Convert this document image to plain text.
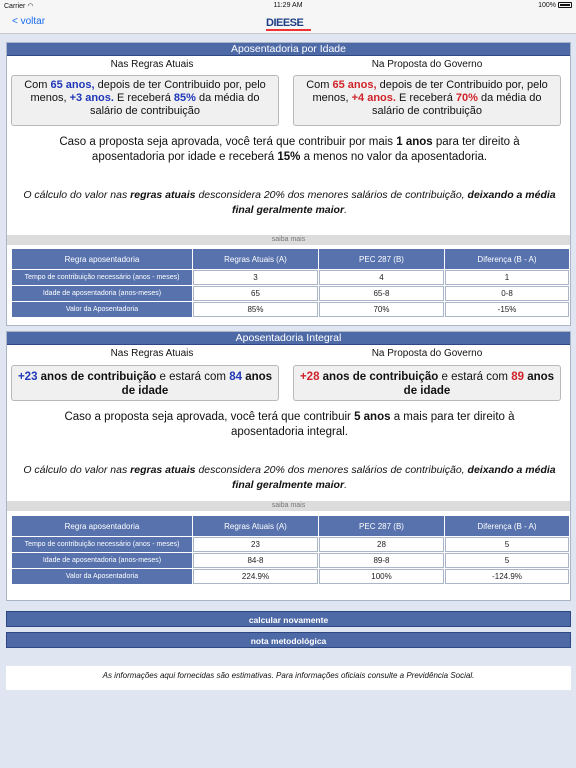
Carrier ◠	11:29 AM	100%
< voltar	DIEESE
Aposentadoria por Idade
Nas Regras Atuais	Na Proposta do Governo
Com 65 anos, depois de ter Contribuido por, pelo menos, +3 anos. E receberá 85% da média do salário de contribuição
Com 65 anos, depois de ter Contribuido por, pelo menos, +4 anos. E receberá 70% da média do salário de contribuição
Caso a proposta seja aprovada, você terá que contribuir por mais 1 anos para ter direito à aposentadoria por idade e receberá 15% a menos no valor da aposentadoria.
O cálculo do valor nas regras atuais desconsidera 20% dos menores salários de contribuição, deixando a média final geralmente maior.
saiba mais
Regra aposentadoria	Regras Atuais (A)	PEC 287 (B)	Diferença (B - A)
Tempo de contribuição necessário (anos - meses)	3	4	1
Idade de aposentadoria (anos-meses)	65	65-8	0-8
Valor da Aposentadoria	85%	70%	-15%
Aposentadoria Integral
Nas Regras Atuais	Na Proposta do Governo
+23 anos de contribuição e estará com 84 anos de idade
+28 anos de contribuição e estará com 89 anos de idade
Caso a proposta seja aprovada, você terá que contribuir 5 anos a mais para ter direito à aposentadoria integral.
O cálculo do valor nas regras atuais desconsidera 20% dos menores salários de contribuição, deixando a média final geralmente maior.
saiba mais
Regra aposentadoria	Regras Atuais (A)	PEC 287 (B)	Diferença (B - A)
Tempo de contribuição necessário (anos - meses)	23	28	5
Idade de aposentadoria (anos-meses)	84-8	89-8	5
Valor da Aposentadoria	224.9%	100%	-124.9%
calcular novamente
nota metodológica
As informações aqui fornecidas são estimativas. Para informações oficiais consulte a Previdência Social.
